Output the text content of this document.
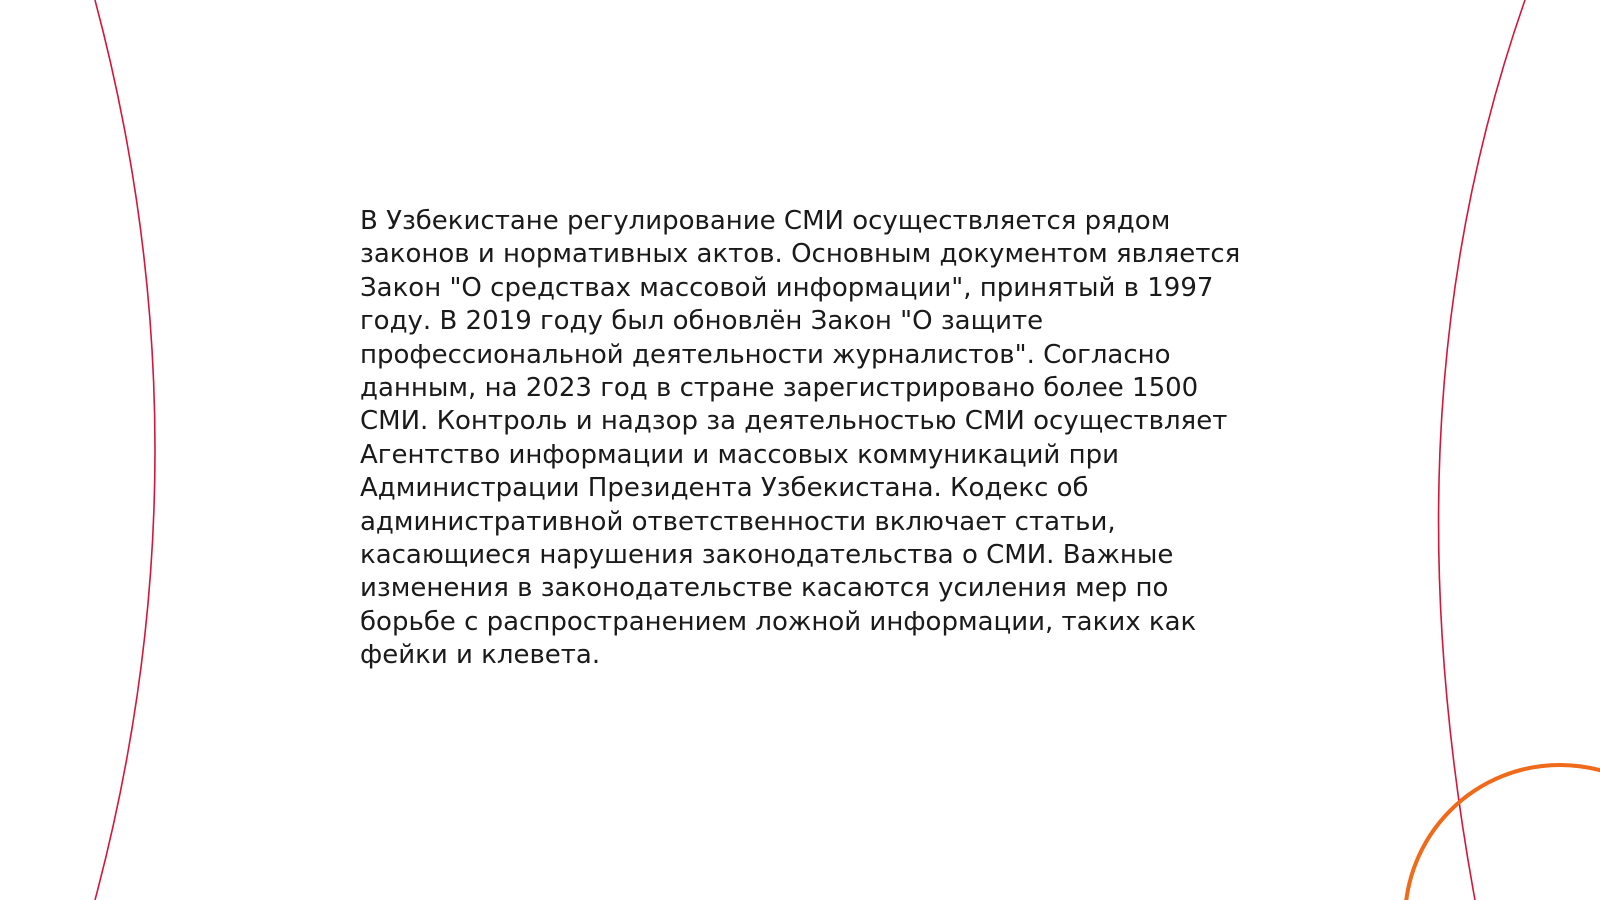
В Узбекистане регулирование СМИ осуществляется рядом законов и нормативных актов. Основным документом является Закон "О средствах массовой информации", принятый в 1997 году. В 2019 году был обновлён Закон "О защите профессиональной деятельности журналистов". Согласно данным, на 2023 год в стране зарегистрировано более 1500 СМИ. Контроль и надзор за деятельностью СМИ осуществляет Агентство информации и массовых коммуникаций при Администрации Президента Узбекистана. Кодекс об административной ответственности включает статьи, касающиеся нарушения законодательства о СМИ. Важные изменения в законодательстве касаются усиления мер по борьбе с распространением ложной информации, таких как фейки и клевета.
